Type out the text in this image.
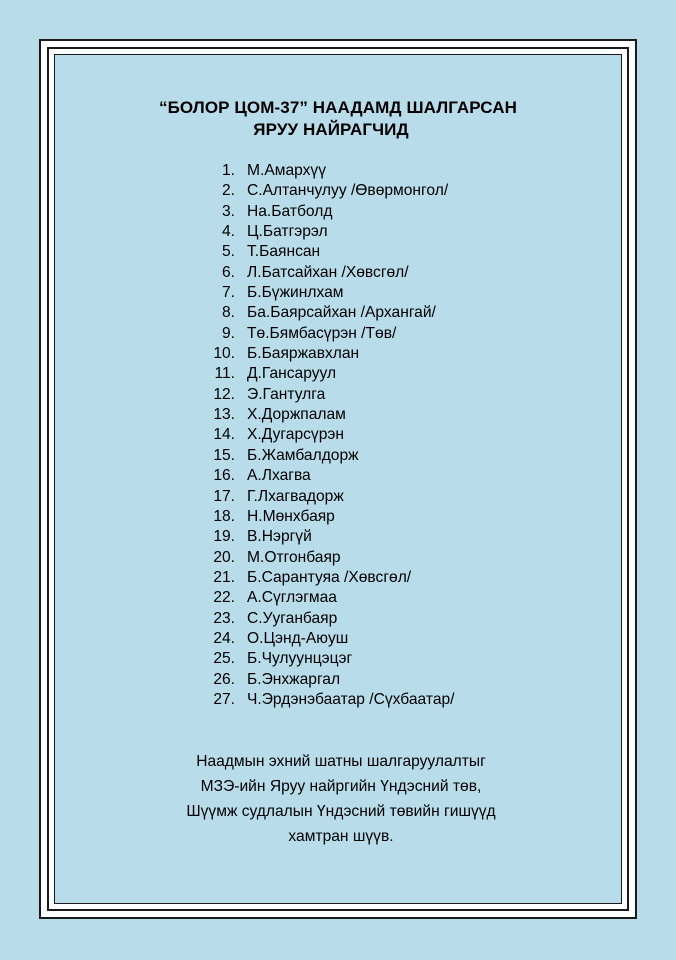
“БОЛОР ЦОМ-37” НААДАМД ШАЛГАРСАН
ЯРУУ НАЙРАГЧИД
1. М.Амархүү
2. С.Алтанчулуу /Өвөрмонгол/
3. На.Батболд
4. Ц.Батгэрэл
5. Т.Баянсан
6. Л.Батсайхан /Хөвсгөл/
7. Б.Бүжинлхам
8. Ба.Баярсайхан /Архангай/
9. Тө.Бямбасүрэн /Төв/
10. Б.Баяржавхлан
11. Д.Гансаруул
12. Э.Гантулга
13. Х.Доржпалам
14. Х.Дугарсүрэн
15. Б.Жамбалдорж
16. А.Лхагва
17. Г.Лхагвадорж
18. Н.Мөнхбаяр
19. В.Нэргүй
20. М.Отгонбаяр
21. Б.Сарантуяа /Хөвсгөл/
22. А.Сүглэгмаа
23. С.Ууганбаяр
24. О.Цэнд-Аюуш
25. Б.Чулуунцэцэг
26. Б.Энхжаргал
27. Ч.Эрдэнэбаатар /Сүхбаатар/
Наадмын эхний шатны шалгаруулалтыг
МЗЭ-ийн Яруу найргийн Үндэсний төв,
Шүүмж судлалын Үндэсний төвийн гишүүд
хамтран шүүв.
